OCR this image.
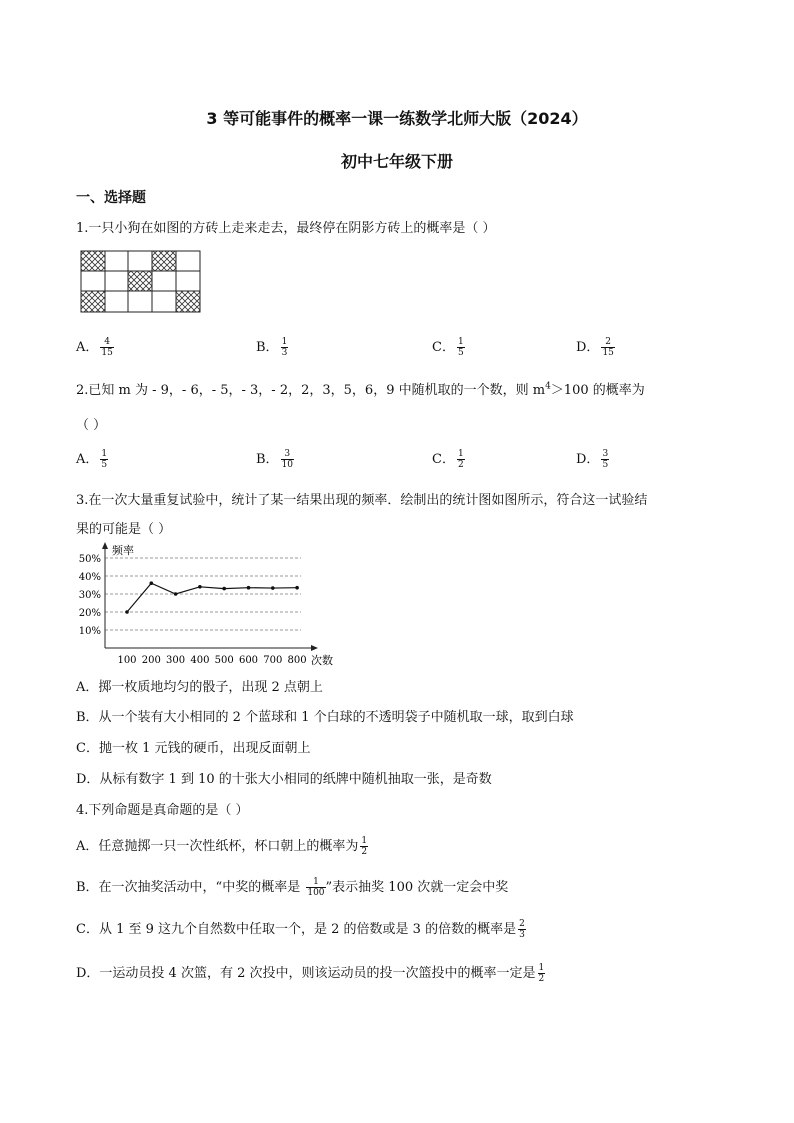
3 等可能事件的概率一课一练数学北师大版（2024）
初中七年级下册
一、选择题
1.一只小狗在如图的方砖上走来走去，最终停在阴影方砖上的概率是（ ）
A． $\frac{4}{15}$	B． $\frac{1}{3}$	C． $\frac{1}{5}$	D． $\frac{2}{15}$
2.已知 m 为 - 9，- 6，- 5，- 3，- 2，2，3，5，6，9 中随机取的一个数，则 $m^4>100$ 的概率为
（ ）
A． $\frac{1}{5}$	B． $\frac{3}{10}$	C． $\frac{1}{2}$	D． $\frac{3}{5}$
3.在一次大量重复试验中，统计了某一结果出现的频率．绘制出的统计图如图所示，符合这一试验结
果的可能是（ ）
频率
次数
10%
20%
30%
40%
50%
100 200 300 400 500 600 700 800
A．掷一枚质地均匀的骰子，出现 2 点朝上
B．从一个装有大小相同的 2 个蓝球和 1 个白球的不透明袋子中随机取一球，取到白球
C．抛一枚 1 元钱的硬币，出现反面朝上
D．从标有数字 1 到 10 的十张大小相同的纸牌中随机抽取一张，是奇数
4.下列命题是真命题的是（ ）
A．任意抛掷一只一次性纸杯，杯口朝上的概率为 $\frac{1}{2}$
B．在一次抽奖活动中，“中奖的概率是 $\frac{1}{100}$ ”表示抽奖 100 次就一定会中奖
C．从 1 至 9 这九个自然数中任取一个，是 2 的倍数或是 3 的倍数的概率是 $\frac{2}{3}$
D．一运动员投 4 次篮，有 2 次投中，则该运动员的投一次篮投中的概率一定是 $\frac{1}{2}$
